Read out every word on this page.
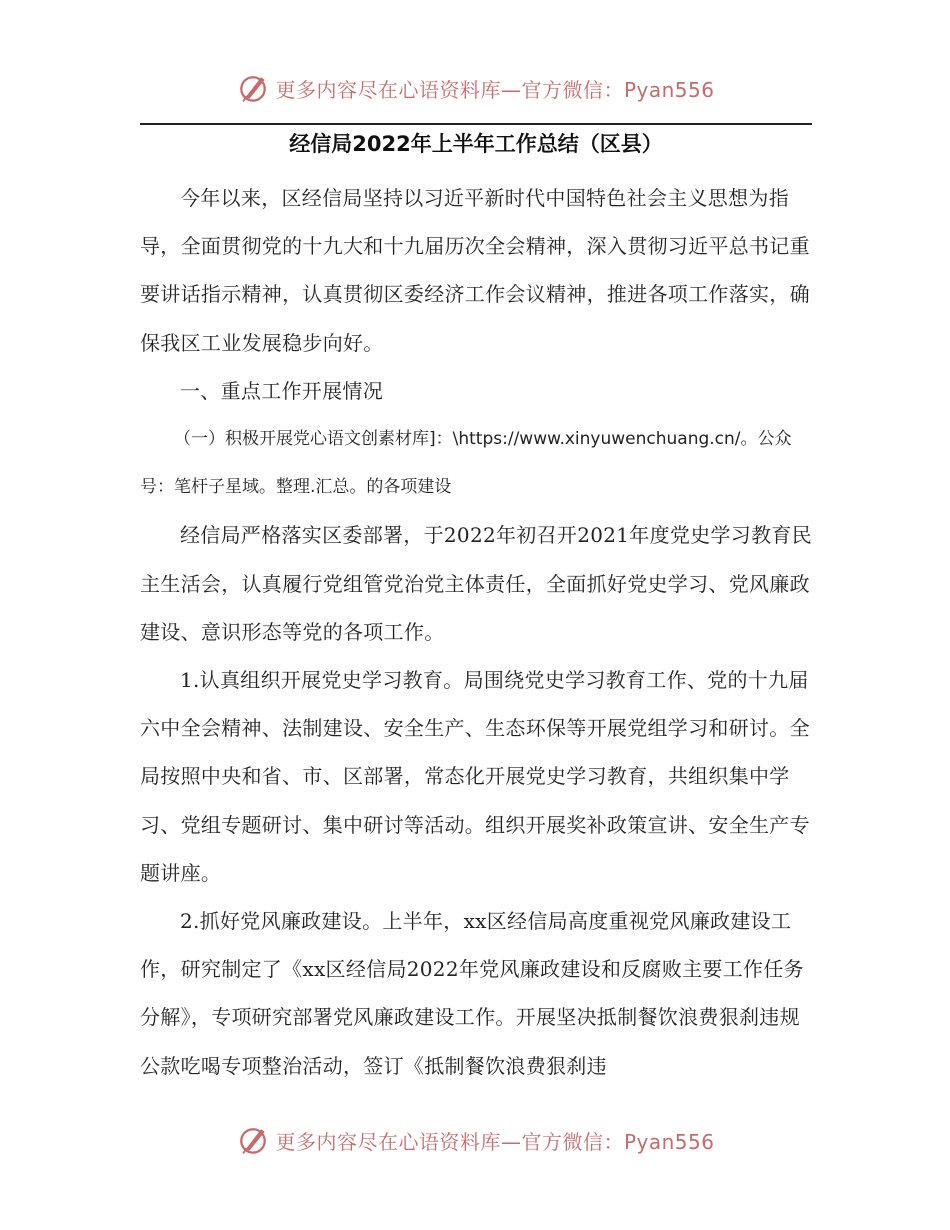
更多内容尽在心语资料库—官方微信：Pyan556
经信局2022年上半年工作总结（区县）

今年以来，区经信局坚持以习近平新时代中国特色社会主义思想为指导，全面贯彻党的十九大和十九届历次全会精神，深入贯彻习近平总书记重要讲话指示精神，认真贯彻区委经济工作会议精神，推进各项工作落实，确保我区工业发展稳步向好。

一、重点工作开展情况

（一）积极开展党心语文创素材库]：\https://www.xinyuwenchuang.cn/。公众号：笔杆子星域。整理.汇总。的各项建设

经信局严格落实区委部署，于2022年初召开2021年度党史学习教育民主生活会，认真履行党组管党治党主体责任，全面抓好党史学习、党风廉政建设、意识形态等党的各项工作。

1.认真组织开展党史学习教育。局围绕党史学习教育工作、党的十九届六中全会精神、法制建设、安全生产、生态环保等开展党组学习和研讨。全局按照中央和省、市、区部署，常态化开展党史学习教育，共组织集中学习、党组专题研讨、集中研讨等活动。组织开展奖补政策宣讲、安全生产专题讲座。

2.抓好党风廉政建设。上半年，xx区经信局高度重视党风廉政建设工作，研究制定了《xx区经信局2022年党风廉政建设和反腐败主要工作任务分解》，专项研究部署党风廉政建设工作。开展坚决抵制餐饮浪费狠刹违规公款吃喝专项整治活动，签订《抵制餐饮浪费狠刹违

更多内容尽在心语资料库—官方微信：Pyan556
